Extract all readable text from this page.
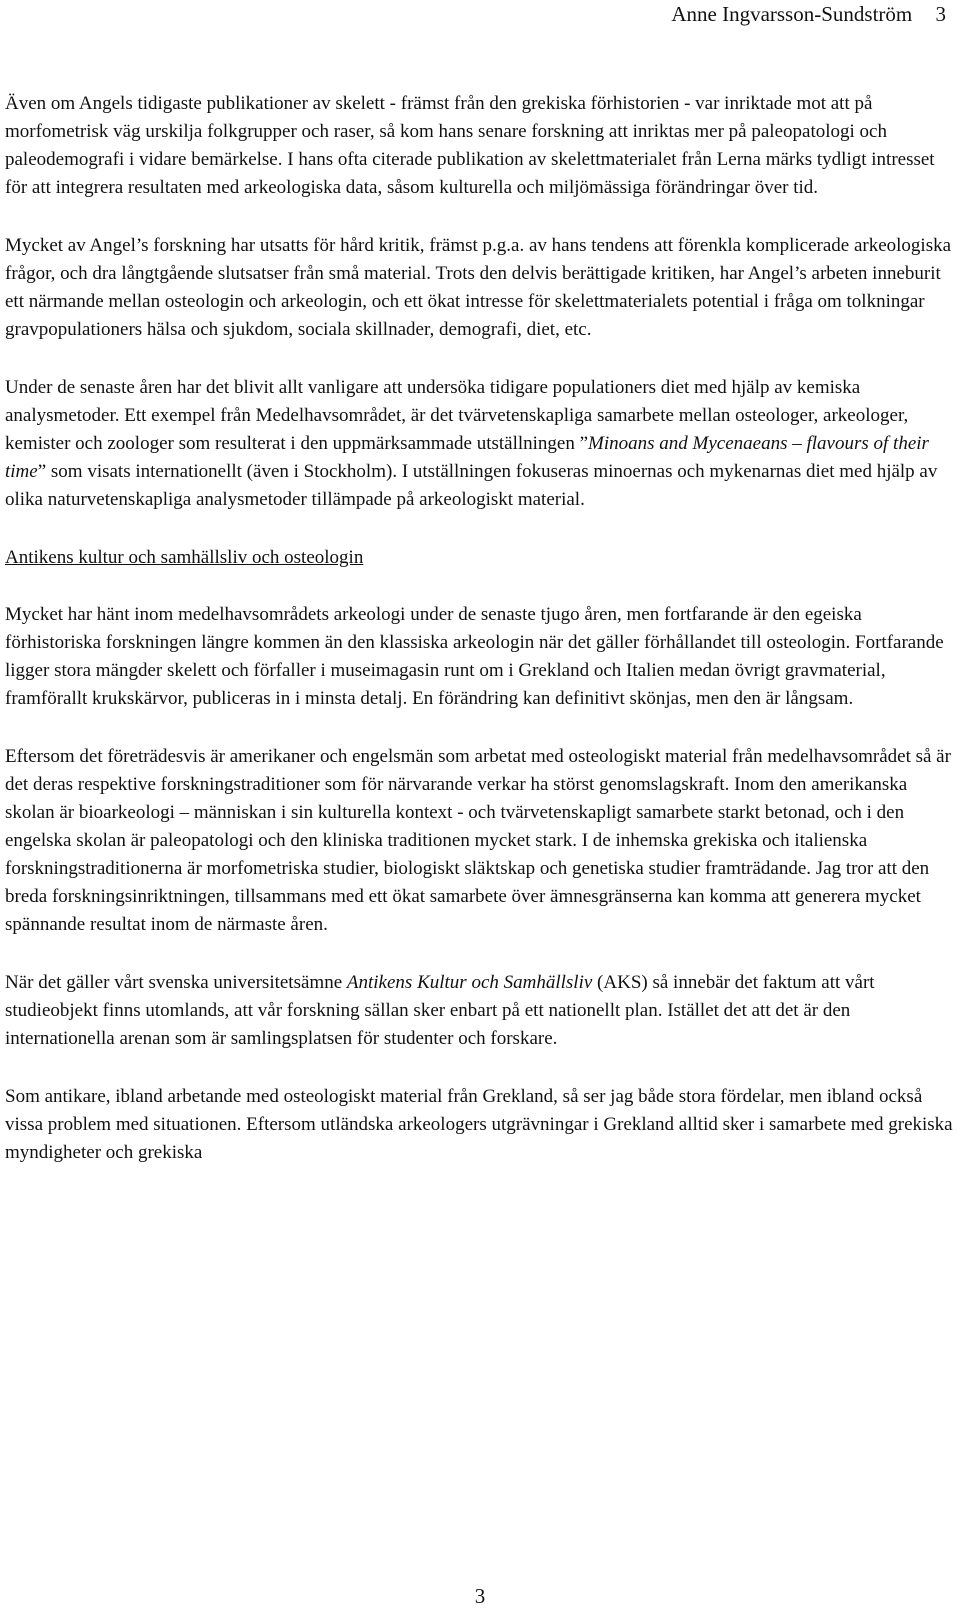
Anne Ingvarsson-Sundström 3

Även om Angels tidigaste publikationer av skelett - främst från den grekiska förhistorien - var inriktade mot att på morfometrisk väg urskilja folkgrupper och raser, så kom hans senare forskning att inriktas mer på paleopatologi och paleodemografi i vidare bemärkelse. I hans ofta citerade publikation av skelettmaterialet från Lerna märks tydligt intresset för att integrera resultaten med arkeologiska data, såsom kulturella och miljömässiga förändringar över tid.

Mycket av Angel’s forskning har utsatts för hård kritik, främst p.g.a. av hans tendens att förenkla komplicerade arkeologiska frågor, och dra långtgående slutsatser från små material. Trots den delvis berättigade kritiken, har Angel’s arbeten inneburit ett närmande mellan osteologin och arkeologin, och ett ökat intresse för skelettmaterialets potential i fråga om tolkningar gravpopulationers hälsa och sjukdom, sociala skillnader, demografi, diet, etc.

Under de senaste åren har det blivit allt vanligare att undersöka tidigare populationers diet med hjälp av kemiska analysmetoder. Ett exempel från Medelhavsområdet, är det tvärvetenskapliga samarbete mellan osteologer, arkeologer, kemister och zoologer som resulterat i den uppmärksammade utställningen ”Minoans and Mycenaeans – flavours of their time” som visats internationellt (även i Stockholm). I utställningen fokuseras minoernas och mykenarnas diet med hjälp av olika naturvetenskapliga analysmetoder tillämpade på arkeologiskt material.

Antikens kultur och samhällsliv och osteologin

Mycket har hänt inom medelhavsområdets arkeologi under de senaste tjugo åren, men fortfarande är den egeiska förhistoriska forskningen längre kommen än den klassiska arkeologin när det gäller förhållandet till osteologin. Fortfarande ligger stora mängder skelett och förfaller i museimagasin runt om i Grekland och Italien medan övrigt gravmaterial, framförallt krukskärvor, publiceras in i minsta detalj. En förändring kan definitivt skönjas, men den är långsam.

Eftersom det företrädesvis är amerikaner och engelsmän som arbetat med osteologiskt material från medelhavsområdet så är det deras respektive forskningstraditioner som för närvarande verkar ha störst genomslagskraft. Inom den amerikanska skolan är bioarkeologi – människan i sin kulturella kontext - och tvärvetenskapligt samarbete starkt betonad, och i den engelska skolan är paleopatologi och den kliniska traditionen mycket stark. I de inhemska grekiska och italienska forskningstraditionerna är morfometriska studier, biologiskt släktskap och genetiska studier framträdande. Jag tror att den breda forskningsinriktningen, tillsammans med ett ökat samarbete över ämnesgränserna kan komma att generera mycket spännande resultat inom de närmaste åren.

När det gäller vårt svenska universitetsämne Antikens Kultur och Samhällsliv (AKS) så innebär det faktum att vårt studieobjekt finns utomlands, att vår forskning sällan sker enbart på ett nationellt plan. Istället det att det är den internationella arenan som är samlingsplatsen för studenter och forskare.

Som antikare, ibland arbetande med osteologiskt material från Grekland, så ser jag både stora fördelar, men ibland också vissa problem med situationen. Eftersom utländska arkeologers utgrävningar i Grekland alltid sker i samarbete med grekiska myndigheter och grekiska

3
